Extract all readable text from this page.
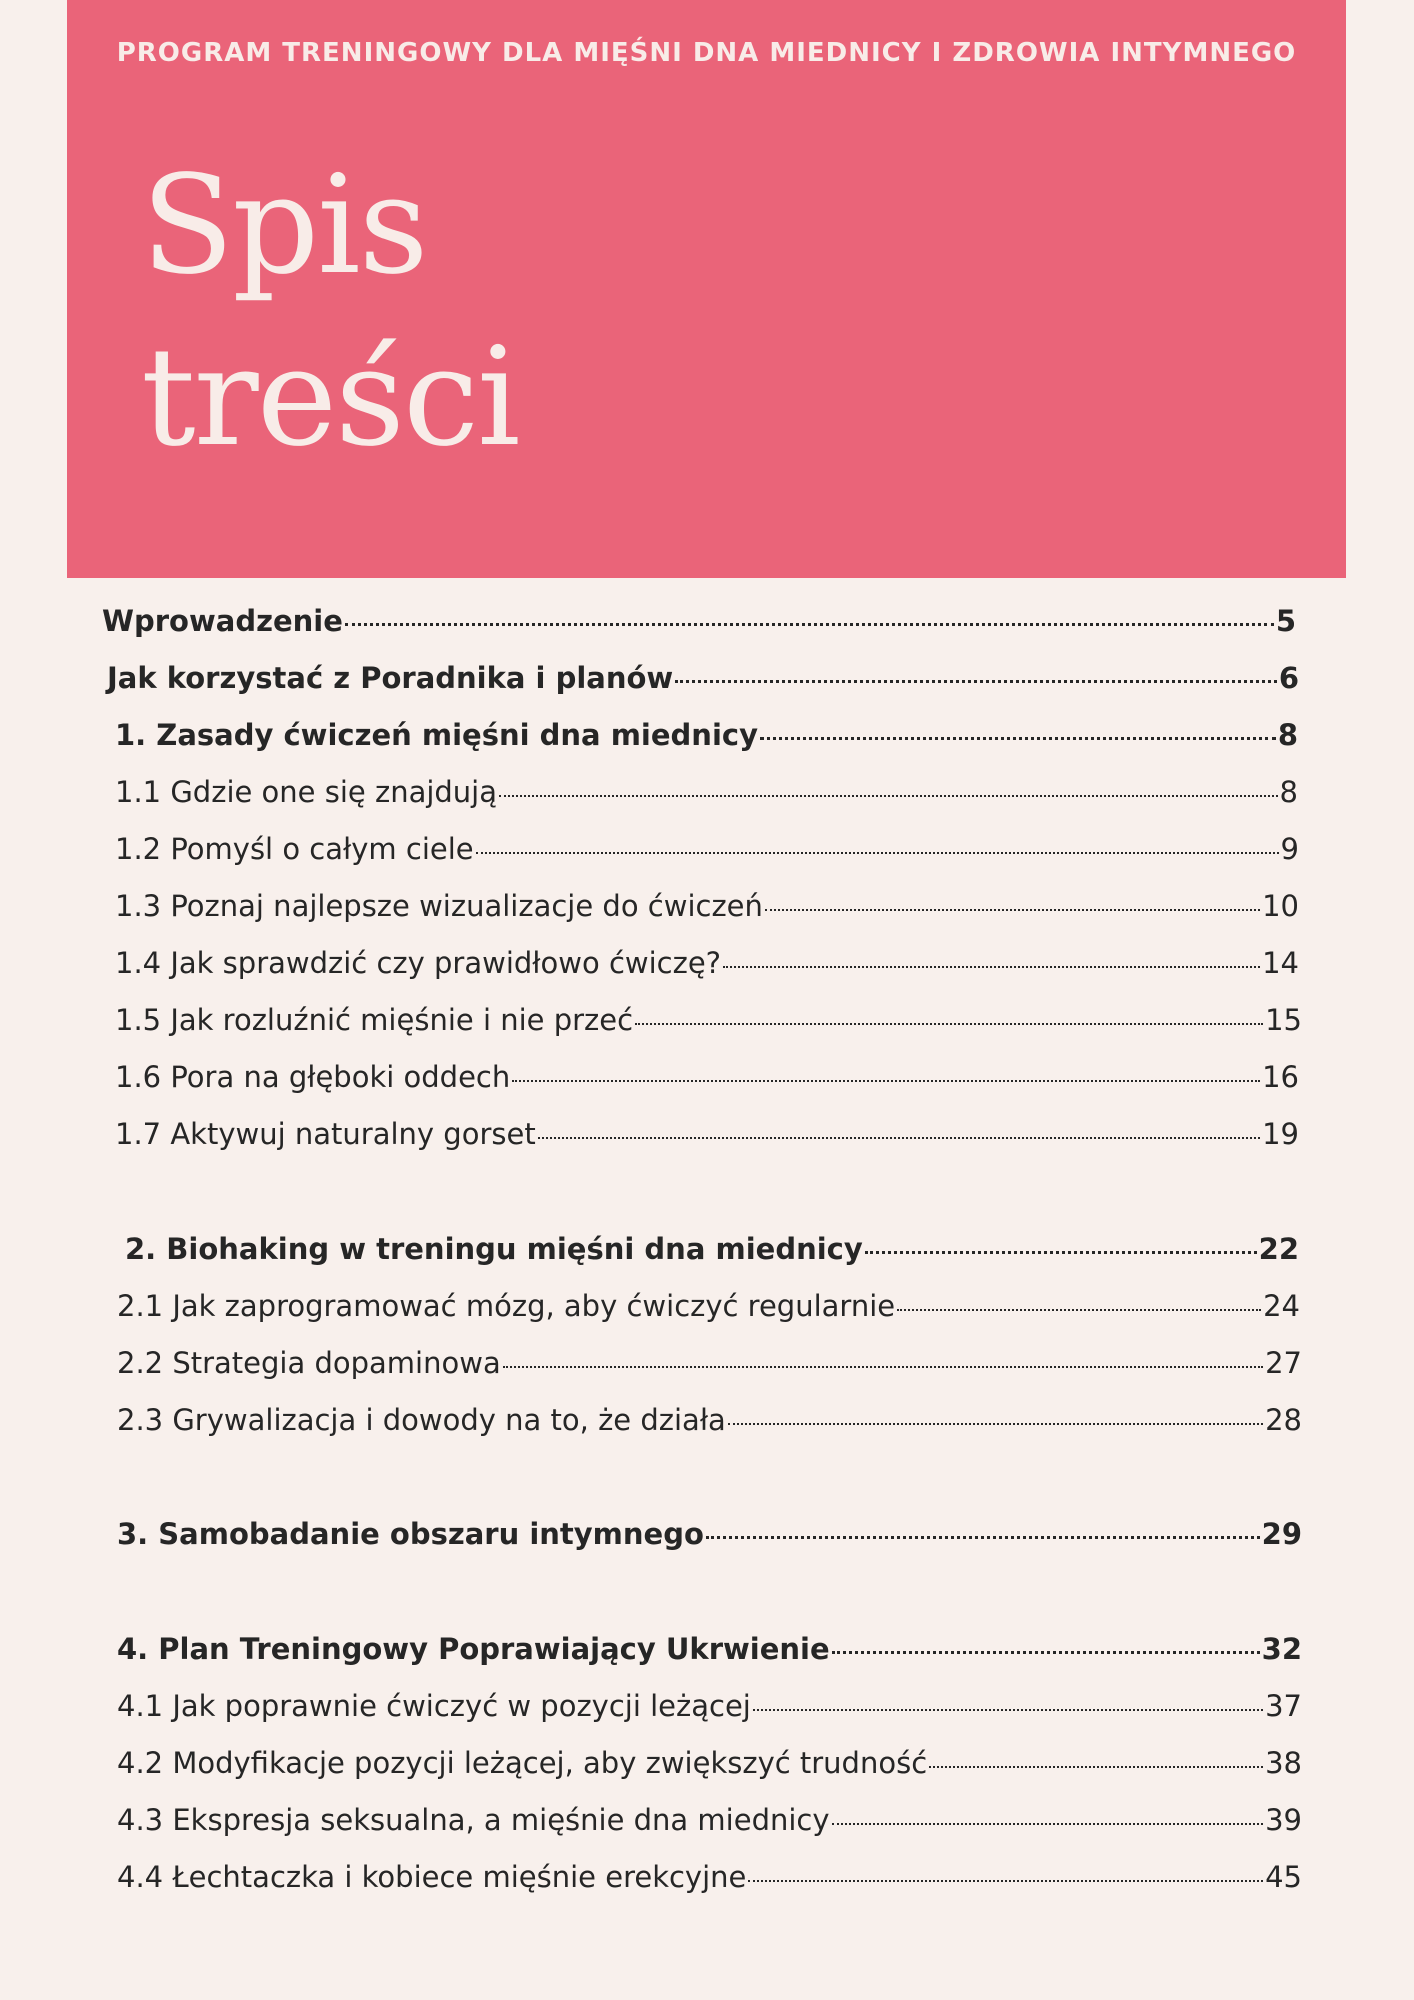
PROGRAM TRENINGOWY DLA MIĘŚNI DNA MIEDNICY I ZDROWIA INTYMNEGO
Spis
treści
Wprowadzenie	5
Jak korzystać z Poradnika i planów	6
1. Zasady ćwiczeń mięśni dna miednicy	8
1.1 Gdzie one się znajdują	8
1.2 Pomyśl o całym ciele	9
1.3 Poznaj najlepsze wizualizacje do ćwiczeń	10
1.4 Jak sprawdzić czy prawidłowo ćwiczę?	14
1.5 Jak rozluźnić mięśnie i nie przeć	15
1.6 Pora na głęboki oddech	16
1.7 Aktywuj naturalny gorset	19
2. Biohaking w treningu mięśni dna miednicy	22
2.1 Jak zaprogramować mózg, aby ćwiczyć regularnie	24
2.2 Strategia dopaminowa	27
2.3 Grywalizacja i dowody na to, że działa	28
3. Samobadanie obszaru intymnego	29
4. Plan Treningowy Poprawiający Ukrwienie	32
4.1 Jak poprawnie ćwiczyć w pozycji leżącej	37
4.2 Modyfikacje pozycji leżącej, aby zwiększyć trudność	38
4.3 Ekspresja seksualna, a mięśnie dna miednicy	39
4.4 Łechtaczka i kobiece mięśnie erekcyjne	45
